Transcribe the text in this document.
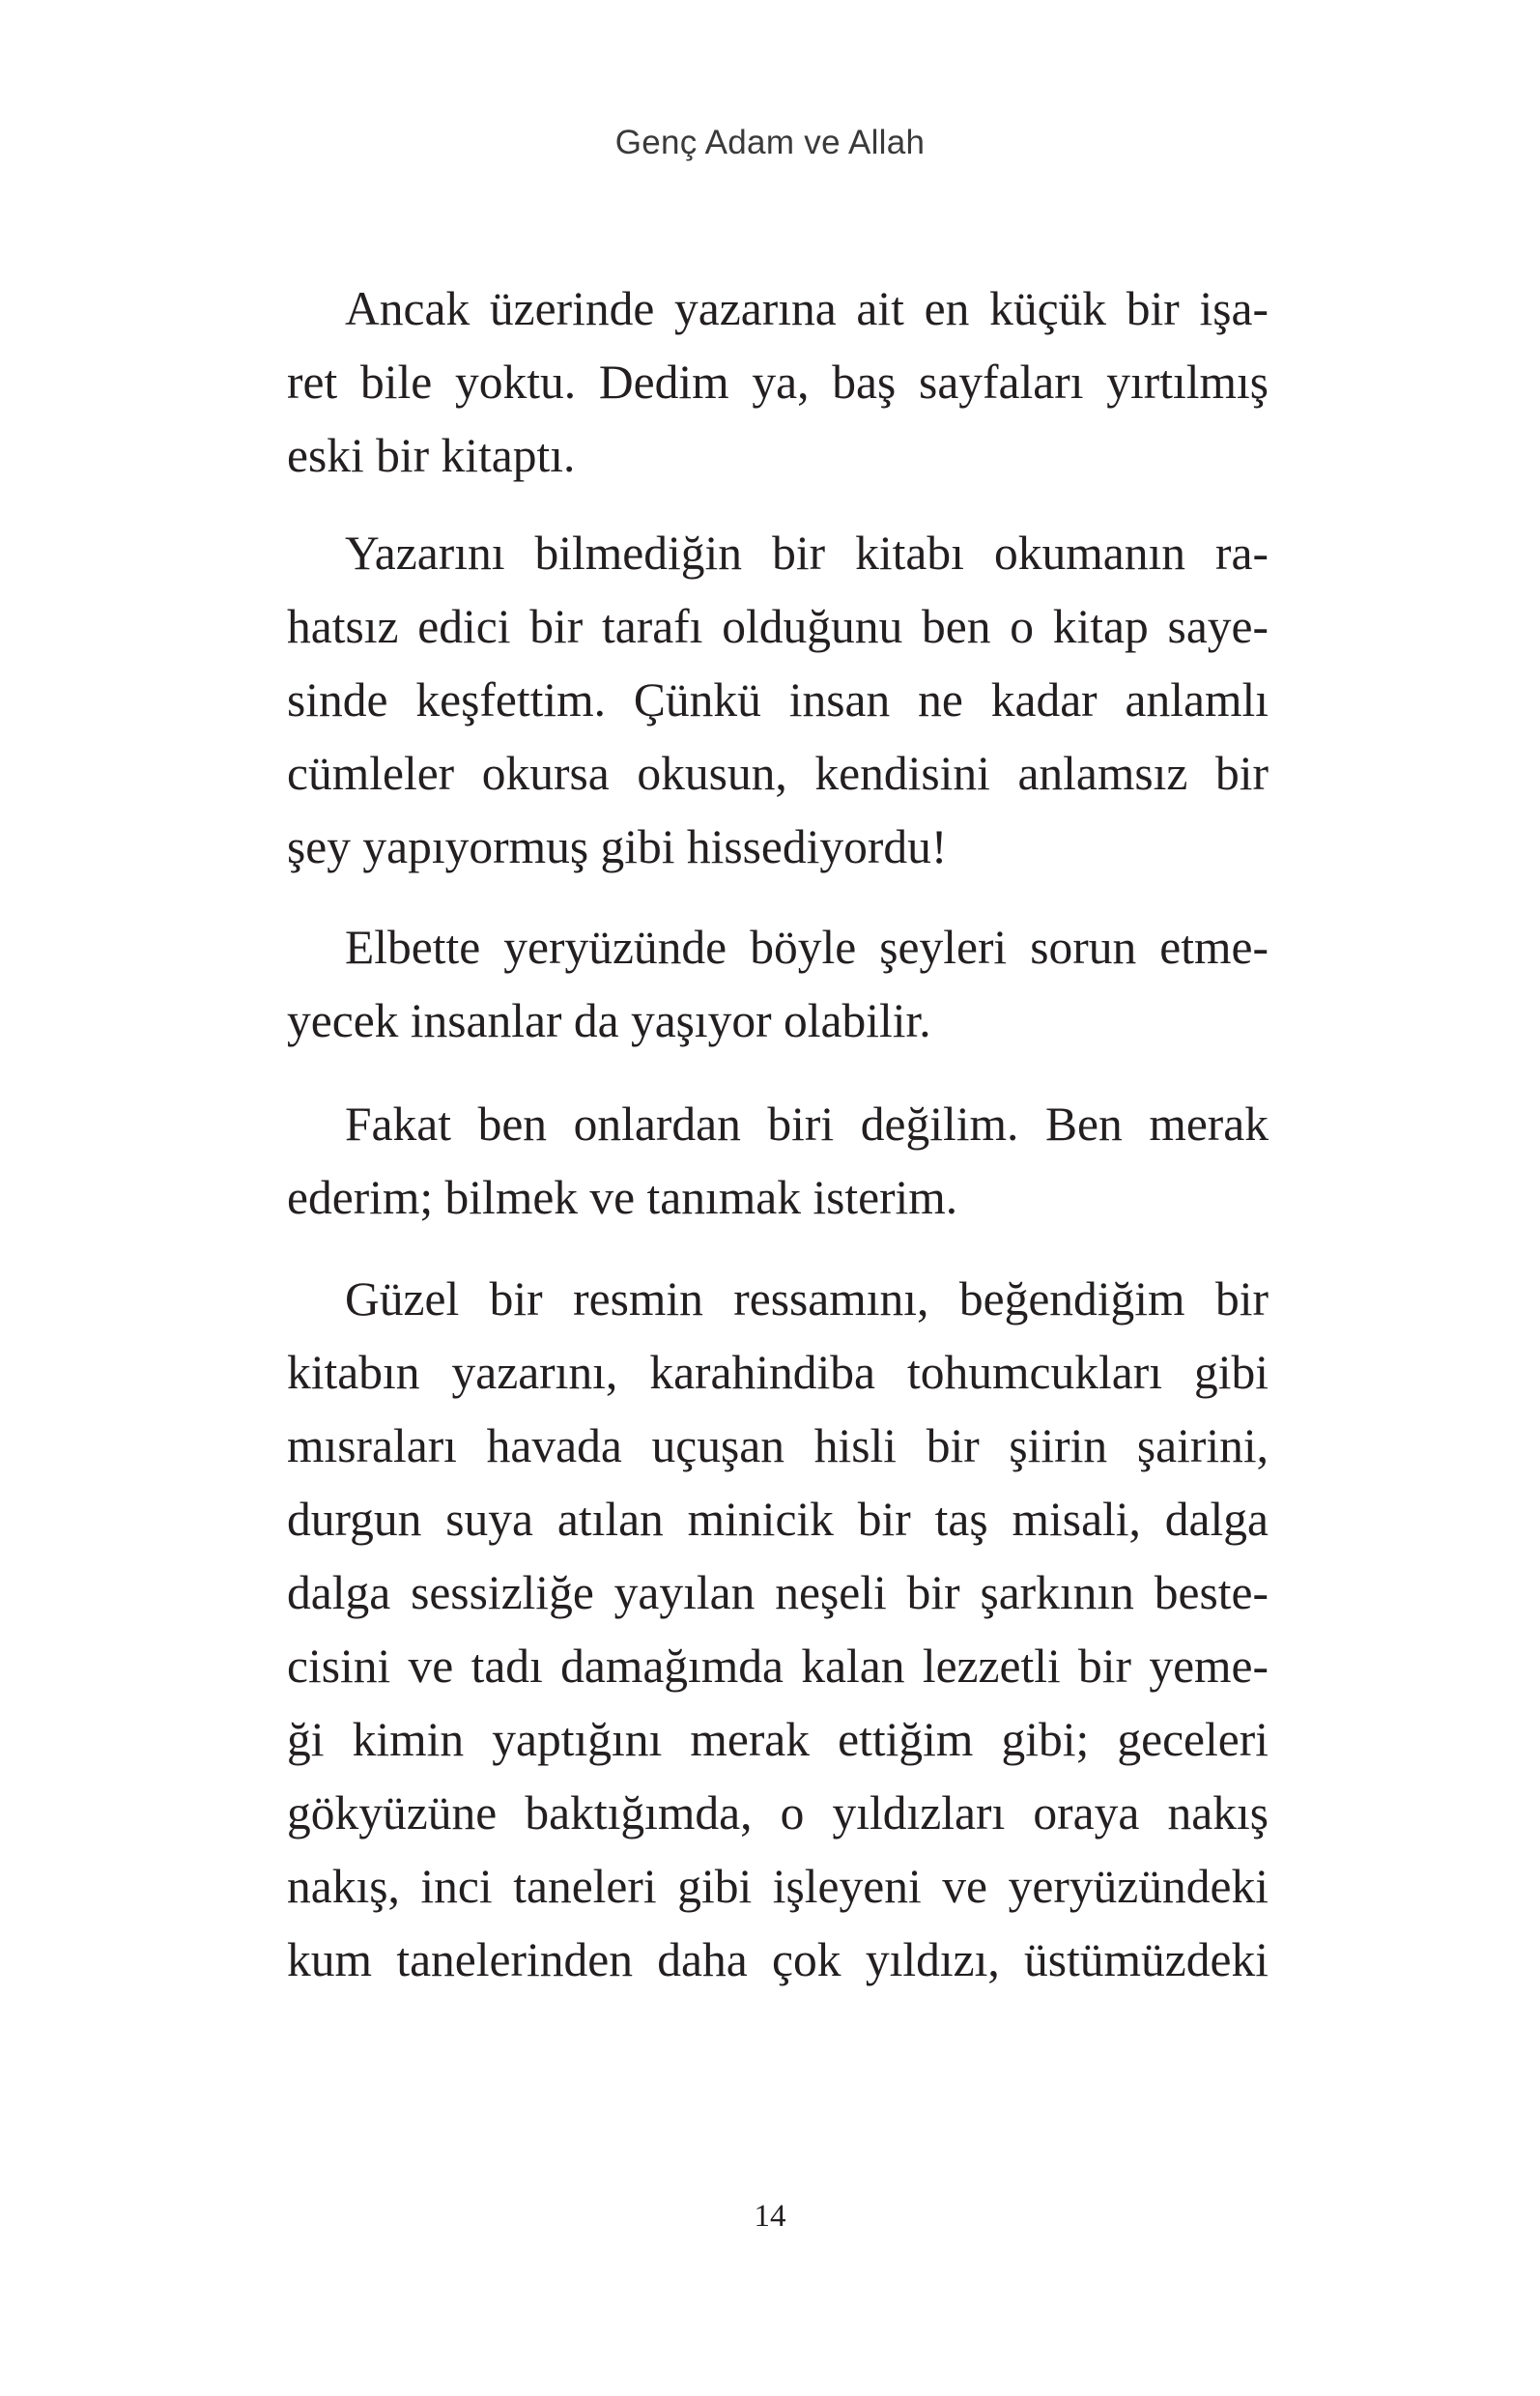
Genç Adam ve Allah
Ancak üzerinde yazarına ait en küçük bir işa-
ret bile yoktu. Dedim ya, baş sayfaları yırtılmış
eski bir kitaptı.
Yazarını bilmediğin bir kitabı okumanın ra-
hatsız edici bir tarafı olduğunu ben o kitap saye-
sinde keşfettim. Çünkü insan ne kadar anlamlı
cümleler okursa okusun, kendisini anlamsız bir
şey yapıyormuş gibi hissediyordu!
Elbette yeryüzünde böyle şeyleri sorun etme-
yecek insanlar da yaşıyor olabilir.
Fakat ben onlardan biri değilim. Ben merak
ederim; bilmek ve tanımak isterim.
Güzel bir resmin ressamını, beğendiğim bir
kitabın yazarını, karahindiba tohumcukları gibi
mısraları havada uçuşan hisli bir şiirin şairini,
durgun suya atılan minicik bir taş misali, dalga
dalga sessizliğe yayılan neşeli bir şarkının beste-
cisini ve tadı damağımda kalan lezzetli bir yeme-
ği kimin yaptığını merak ettiğim gibi; geceleri
gökyüzüne baktığımda, o yıldızları oraya nakış
nakış, inci taneleri gibi işleyeni ve yeryüzündeki
kum tanelerinden daha çok yıldızı, üstümüzdeki
14
